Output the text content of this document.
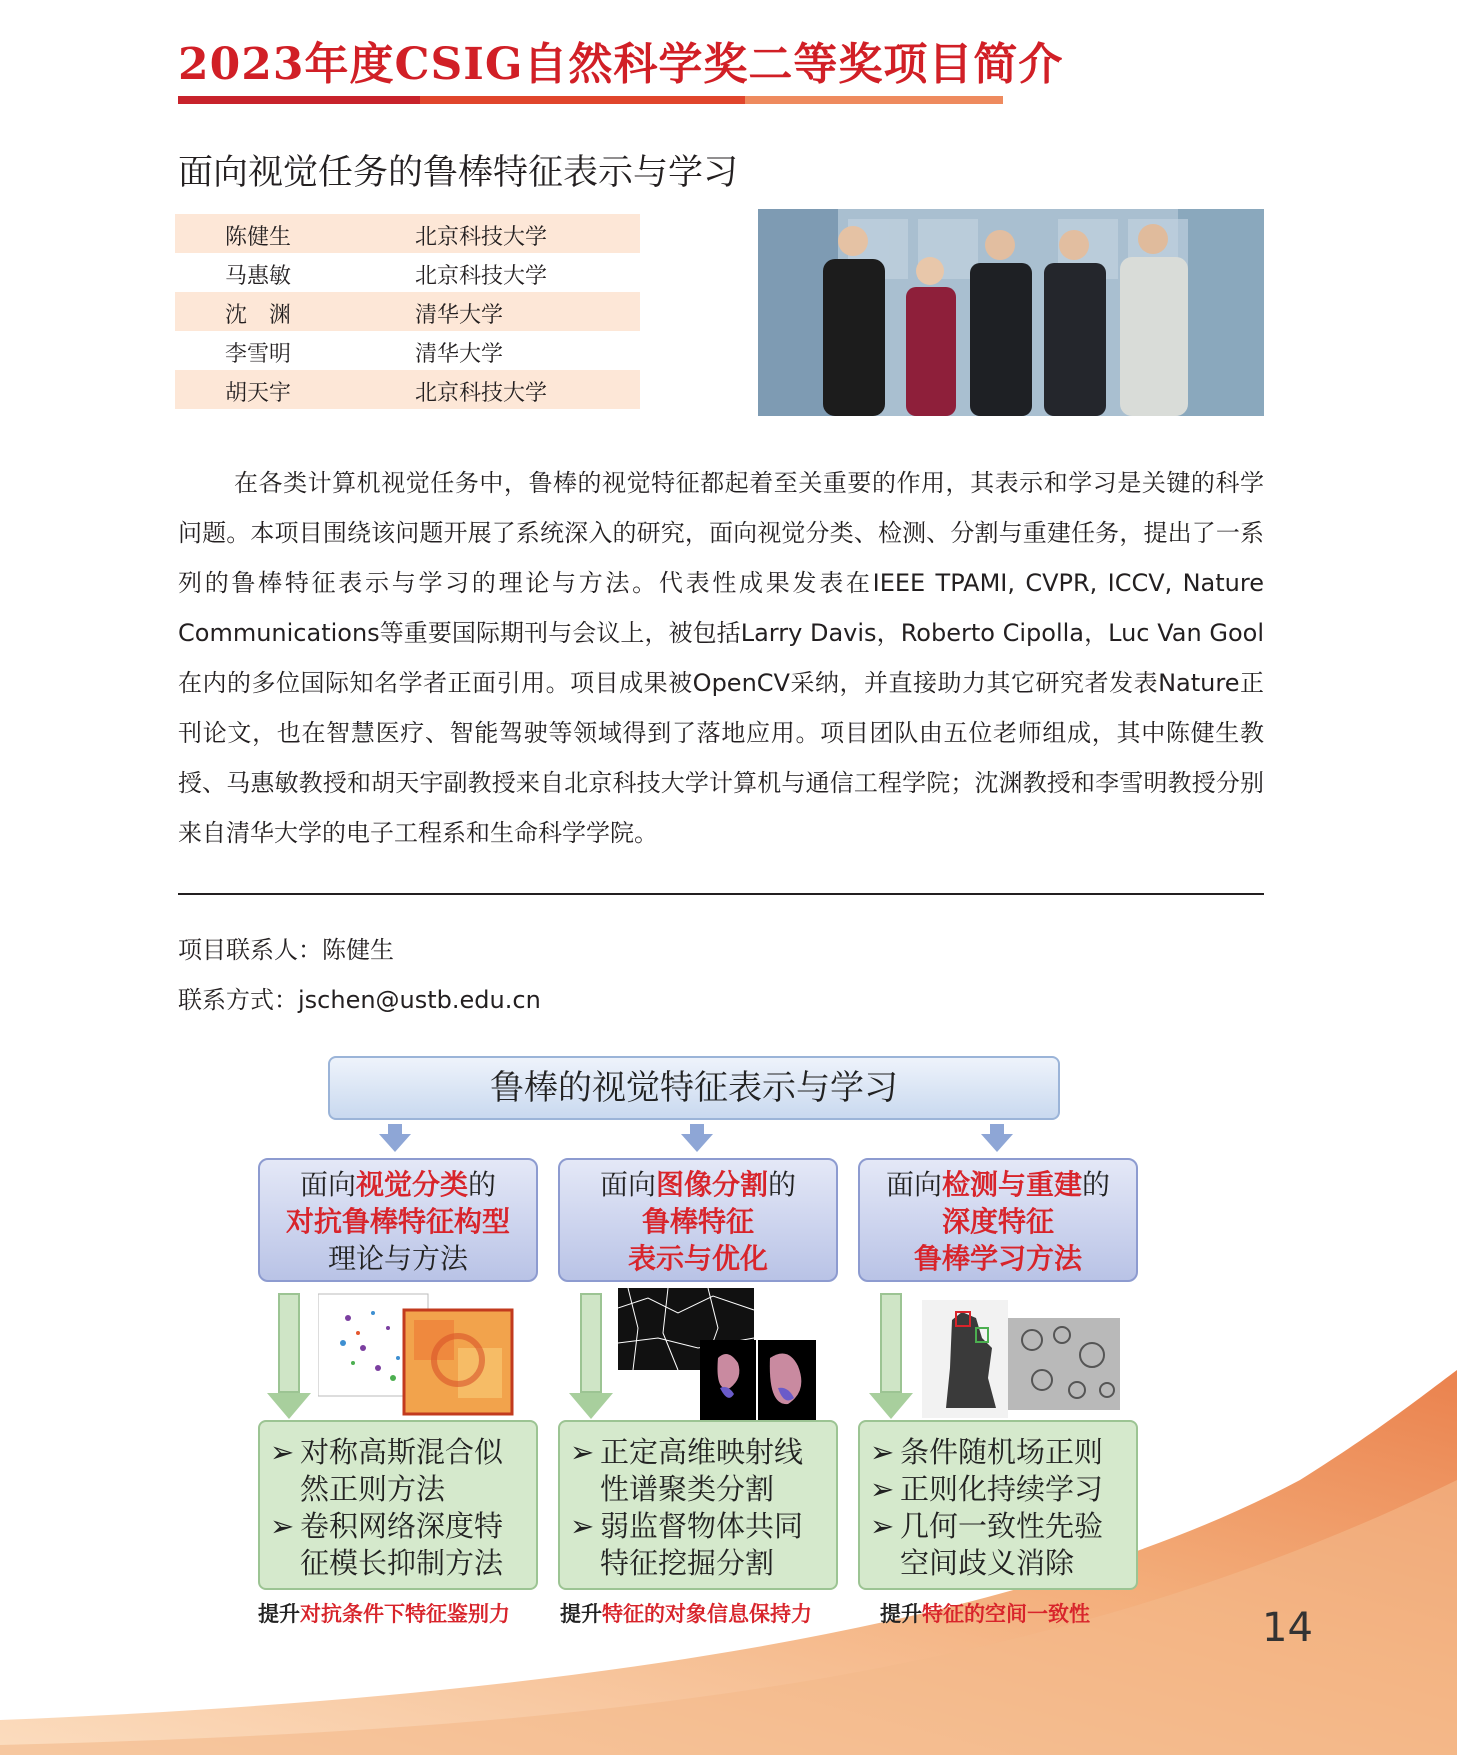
2023年度CSIG自然科学奖二等奖项目简介
面向视觉任务的鲁棒特征表示与学习
陈健生	北京科技大学
马惠敏	北京科技大学
沈　渊	清华大学
李雪明	清华大学
胡天宇	北京科技大学
在各类计算机视觉任务中，鲁棒的视觉特征都起着至关重要的作用，其表示和学习是关键的科学问题。本项目围绕该问题开展了系统深入的研究，面向视觉分类、检测、分割与重建任务，提出了一系列的鲁棒特征表示与学习的理论与方法。代表性成果发表在IEEE TPAMI, CVPR, ICCV, Nature Communications等重要国际期刊与会议上，被包括Larry Davis，Roberto Cipolla，Luc Van Gool在内的多位国际知名学者正面引用。项目成果被OpenCV采纳，并直接助力其它研究者发表Nature正刊论文，也在智慧医疗、智能驾驶等领域得到了落地应用。项目团队由五位老师组成，其中陈健生教授、马惠敏教授和胡天宇副教授来自北京科技大学计算机与通信工程学院；沈渊教授和李雪明教授分别来自清华大学的电子工程系和生命科学学院。
项目联系人：陈健生
联系方式：jschen@ustb.edu.cn
鲁棒的视觉特征表示与学习
面向视觉分类的
对抗鲁棒特征构型
理论与方法
面向图像分割的
鲁棒特征
表示与优化
面向检测与重建的
深度特征
鲁棒学习方法
➢ 对称高斯混合似然正则方法
➢ 卷积网络深度特征模长抑制方法
➢ 正定高维映射线性谱聚类分割
➢ 弱监督物体共同特征挖掘分割
➢ 条件随机场正则
➢ 正则化持续学习
➢ 几何一致性先验空间歧义消除
提升对抗条件下特征鉴别力 提升特征的对象信息保持力	提升特征的空间一致性	14
